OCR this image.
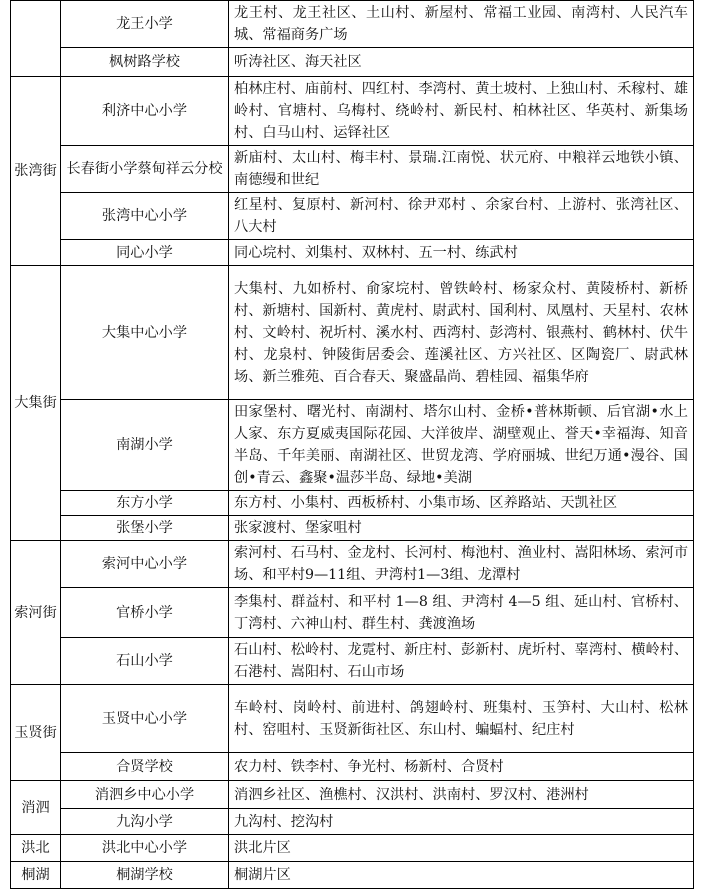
	龙王小学	龙王村、龙王社区、土山村、新屋村、常福工业园、南湾村、人民汽车城、常福商务广场
	枫树路学校	听涛社区、海天社区

张湾街	利济中心小学	柏林庄村、庙前村、四红村、李湾村、黄土坡村、上独山村、禾稼村、雄岭村、官塘村、乌梅村、绕岭村、新民村、柏林社区、华英村、新集场村、白马山村、运铎社区
	长春街小学蔡甸祥云分校	新庙村、太山村、梅丰村、景瑞.江南悦、状元府、中粮祥云地铁小镇、南德缦和世纪
	张湾中心小学	红星村、复原村、新河村、徐尹邓村 、余家台村、上游村、张湾社区、八大村
	同心小学	同心垸村、刘集村、双林村、五一村、练武村

大集街	大集中心小学	大集村、九如桥村、俞家垸村、曾铁岭村、杨家众村、黄陵桥村、新桥村、新塘村、国新村、黄虎村、尉武村、国利村、凤凰村、天星村、农林村、文岭村、祝圻村、溪水村、西湾村、彭湾村、银燕村、鹤林村、伏牛村、龙泉村、钟陵街居委会、莲溪社区、方兴社区、区陶瓷厂、尉武林场、新兰雅苑、百合春天、聚盛晶尚、碧桂园、福集华府
	南湖小学	田家堡村、曙光村、南湖村、塔尔山村、金桥•普林斯顿、后官湖•水上人家、东方夏威夷国际花园、大洋彼岸、湖壁观止、誉天•幸福海、知音半岛、千年美丽、南湖社区、世贸龙湾、学府丽城、世纪万通•漫谷、国创•青云、鑫聚•温莎半岛、绿地•美湖
	东方小学	东方村、小集村、西板桥村、小集市场、区养路站、天凯社区
	张堡小学	张家渡村、堡家咀村

索河街	索河中心小学	索河村、石马村、金龙村、长河村、梅池村、渔业村、嵩阳林场、索河市场、和平村9—11组、尹湾村1—3组、龙潭村
	官桥小学	李集村、群益村、和平村 1—8 组、尹湾村 4—5 组、延山村、官桥村、丁湾村、六神山村、群生村、龚渡渔场
	石山小学	石山村、松岭村、龙霓村、新庄村、彭新村、虎圻村、辜湾村、横岭村、石港村、嵩阳村、石山市场

玉贤街	玉贤中心小学	车岭村、岗岭村、前进村、鸽翅岭村、班集村、玉笋村、大山村、松林村、窑咀村、玉贤新街社区、东山村、蝙蝠村、纪庄村
	合贤学校	农力村、铁李村、争光村、杨新村、合贤村

消泗	消泗乡中心小学	消泗乡社区、渔樵村、汉洪村、洪南村、罗汉村、港洲村
	九沟小学	九沟村、挖沟村

洪北	洪北中心小学	洪北片区

桐湖	桐湖学校	桐湖片区
